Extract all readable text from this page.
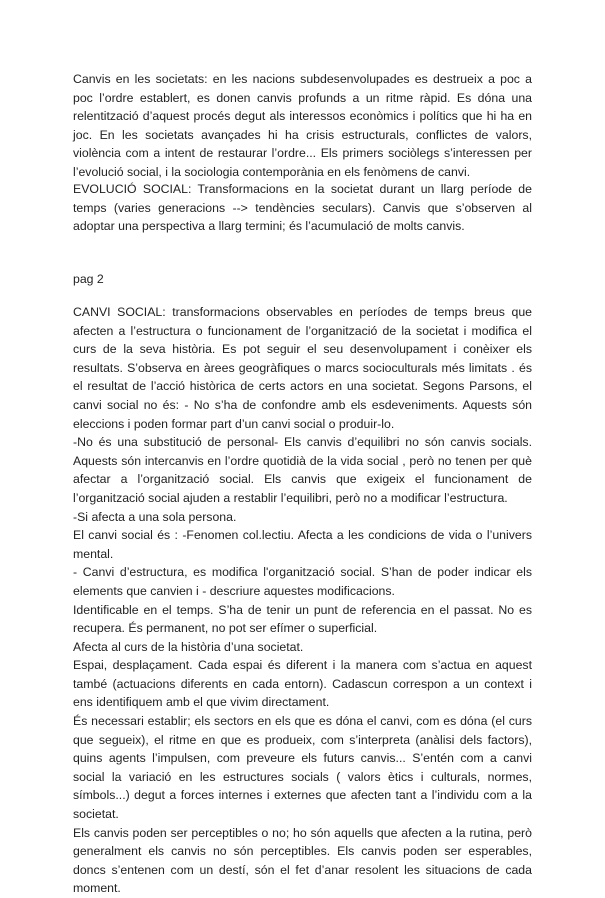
Canvis en les societats: en les nacions subdesenvolupades es destrueix a poc a poc l’ordre establert, es donen canvis profunds a un ritme ràpid. Es dóna una relentització d’aquest procés degut als interessos econòmics i polítics que hi ha en joc. En les societats avançades hi ha crisis estructurals, conflictes de valors, violència com a intent de restaurar l’ordre... Els primers sociòlegs s’interessen per l’evolució social, i la sociologia contemporània en els fenòmens de canvi.

EVOLUCIÓ SOCIAL: Transformacions en la societat durant un llarg període de temps (varies generacions --> tendències seculars). Canvis que s’observen al adoptar una perspectiva a llarg termini; és l’acumulació de molts canvis.

pag 2

CANVI SOCIAL: transformacions observables en períodes de temps breus que afecten a l’estructura o funcionament de l’organització de la societat i modifica el curs de la seva història. Es pot seguir el seu desenvolupament i conèixer els resultats. S’observa en àrees geogràfiques o marcs socioculturals més limitats . és el resultat de l’acció històrica de certs actors en una societat. Segons Parsons, el canvi social no és: - No s’ha de confondre amb els esdeveniments. Aquests són eleccions i poden formar part d’un canvi social o produir-lo.

-No és una substitució de personal- Els canvis d’equilibri no són canvis socials. Aquests són intercanvis en l’ordre quotidià de la vida social , però no tenen per què afectar a l’organització social. Els canvis que exigeix el funcionament de l’organització social ajuden a restablir l’equilibri, però no a modificar l’estructura.

-Si afecta a una sola persona.

El canvi social és : -Fenomen col.lectiu. Afecta a les condicions de vida o l’univers mental.

- Canvi d’estructura, es modifica l'organització social. S’han de poder indicar els elements que canvien i - descriure aquestes modificacions.

Identificable en el temps. S’ha de tenir un punt de referencia en el passat. No es recupera. És permanent, no pot ser efímer o superficial.

Afecta al curs de la història d’una societat.

Espai, desplaçament. Cada espai és diferent i la manera com s’actua en aquest també (actuacions diferents en cada entorn). Cadascun correspon a un context i ens identifiquem amb el que vivim directament.

És necessari establir; els sectors en els que es dóna el canvi, com es dóna (el curs que segueix), el ritme en que es produeix, com s’interpreta (anàlisi dels factors), quins agents l’impulsen, com preveure els futurs canvis... S’entén com a canvi social la variació en les estructures socials ( valors ètics i culturals, normes, símbols...) degut a forces internes i externes que afecten tant a l’individu com a la societat.

Els canvis poden ser perceptibles o no; ho són aquells que afecten a la rutina, però generalment els canvis no són perceptibles. Els canvis poden ser esperables, doncs s’entenen com un destí, són el fet d’anar resolent les situacions de cada moment.
